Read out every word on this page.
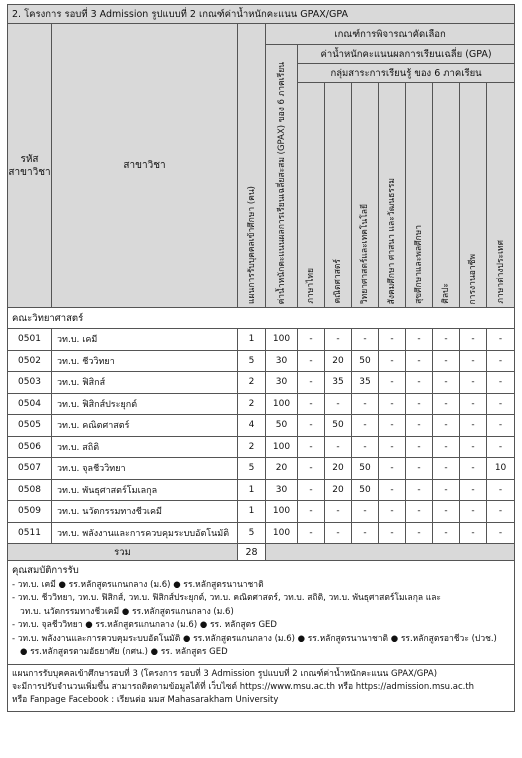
2. โครงการ รอบที่ 3 Admission รูปแบบที่ 2 เกณฑ์ค่าน้ำหนักคะแนน GPAX/GPA											
รหัส
สาขาวิชา	สาขาวิชา	แผนการรับบุคคลเข้าศึกษา (คน)	เกณฑ์การพิจารณาคัดเลือก								

			ค่าน้ำหนักคะแนนผลการเรียนเฉลี่ยสะสม (GPAX) ของ 6 ภาคเรียน	ค่าน้ำหนักคะแนนผลการเรียนเฉลี่ย (GPA)							
				กลุ่มสาระการเรียนรู้ ของ 6 ภาคเรียน							

				ภาษาไทย	คณิตศาสตร์	วิทยาศาสตร์และเทคโนโลยี	สังคมศึกษา ศาสนา และวัฒนธรรม	สุขศึกษาและพลศึกษา	ศิลปะ	การงานอาชีพ	ภาษาต่างประเทศ

คณะวิทยาศาสตร์											
0501	วท.บ. เคมี	1	100	-	-	-	-	-	-	-	-
0502	วท.บ. ชีววิทยา	5	30	-	20	50	-	-	-	-	-
0503	วท.บ. ฟิสิกส์	2	30	-	35	35	-	-	-	-	-
0504	วท.บ. ฟิสิกส์ประยุกต์	2	100	-	-	-	-	-	-	-	-
0505	วท.บ. คณิตศาสตร์	4	50	-	50	-	-	-	-	-	-
0506	วท.บ. สถิติ	2	100	-	-	-	-	-	-	-	-
0507	วท.บ. จุลชีววิทยา	5	20	-	20	50	-	-	-	-	10
0508	วท.บ. พันธุศาสตร์โมเลกุล	1	30	-	20	50	-	-	-	-	-
0509	วท.บ. นวัตกรรมทางชีวเคมี	1	100	-	-	-	-	-	-	-	-
0511	วท.บ. พลังงานและการควบคุมระบบอัตโนมัติ	5	100	-	-	-	-	-	-	-	-
รวม		28									
คุณสมบัติการรับ
- วท.บ. เคมี ● รร.หลักสูตรแกนกลาง (ม.6) ● รร.หลักสูตรนานาชาติ
- วท.บ. ชีววิทยา, วท.บ. ฟิสิกส์, วท.บ. ฟิสิกส์ประยุกต์, วท.บ. คณิตศาสตร์, วท.บ. สถิติ, วท.บ. พันธุศาสตร์โมเลกุล และ
วท.บ. นวัตกรรมทางชีวเคมี ● รร.หลักสูตรแกนกลาง (ม.6)
- วท.บ. จุลชีววิทยา ● รร.หลักสูตรแกนกลาง (ม.6) ● รร. หลักสูตร GED
- วท.บ. พลังงานและการควบคุมระบบอัตโนมัติ ● รร.หลักสูตรแกนกลาง (ม.6) ● รร.หลักสูตรนานาชาติ ● รร.หลักสูตรอาชีวะ (ปวช.)
● รร.หลักสูตรตามอัธยาศัย (กศน.) ● รร. หลักสูตร GED
แผนการรับบุคคลเข้าศึกษารอบที่ 3 (โครงการ รอบที่ 3 Admission รูปแบบที่ 2 เกณฑ์ค่าน้ำหนักคะแนน GPAX/GPA)
จะมีการปรับจำนวนเพิ่มขึ้น สามารถติดตามข้อมูลได้ที่ เว็บไซต์ https://www.msu.ac.th หรือ https://admission.msu.ac.th
หรือ Fanpage Facebook : เรียนต่อ มมส Mahasarakham University
